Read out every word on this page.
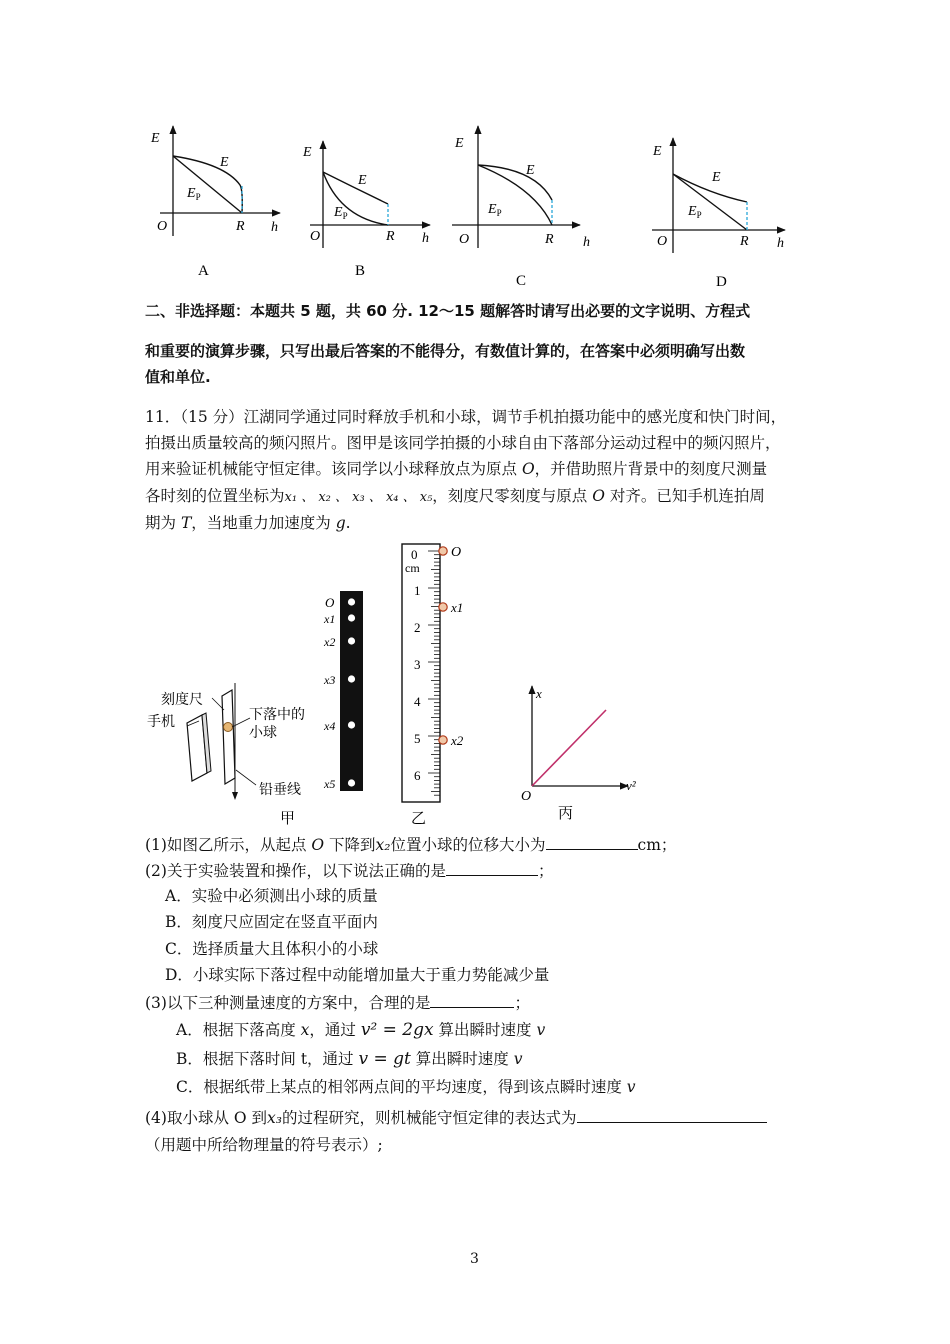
E
E
$E_P$
O	R h
E
E
$E_P$
O	R h
E
E
$E_P$
O	R h
E
E
$E_P$
O	R h
A	B
C	D
二、非选择题：本题共 5 题，共 60 分. 12～15 题解答时请写出必要的文字说明、方程式
和重要的演算步骤，只写出最后答案的不能得分，有数值计算的，在答案中必须明确写出数
值和单位.
11．（15 分）江湖同学通过同时释放手机和小球，调节手机拍摄功能中的感光度和快门时间，
拍摄出质量较高的频闪照片。图甲是该同学拍摄的小球自由下落部分运动过程中的频闪照片，
用来验证机械能守恒定律。该同学以小球释放点为原点 O，并借助照片背景中的刻度尺测量
各时刻的位置坐标为x₁ 、 x₂ 、 x₃ 、 x₄ 、 x₅，刻度尺零刻度与原点 O 对齐。已知手机连拍周
期为 T，当地重力加速度为 g.
刻度尺
手机	下落中的
小球
铅垂线
甲
O
x1
x2
x3
x4
x5
0
cm
1
2
3
4
5
6
O
x1
x2
乙
x
v²
O
丙
(1)如图乙所示，从起点 O 下降到x₂位置小球的位移大小为	cm；
(2)关于实验装置和操作，以下说法正确的是	；
A．实验中必须测出小球的质量
B．刻度尺应固定在竖直平面内
C．选择质量大且体积小的小球
D．小球实际下落过程中动能增加量大于重力势能减少量
(3)以下三种测量速度的方案中，合理的是	；
A．根据下落高度 x，通过 v² = 2gx 算出瞬时速度 v
B．根据下落时间 t，通过 v = gt 算出瞬时速度 v
C．根据纸带上某点的相邻两点间的平均速度，得到该点瞬时速度 v
(4)取小球从 O 到x₃的过程研究，则机械能守恒定律的表达式为
（用题中所给物理量的符号表示）;
3
